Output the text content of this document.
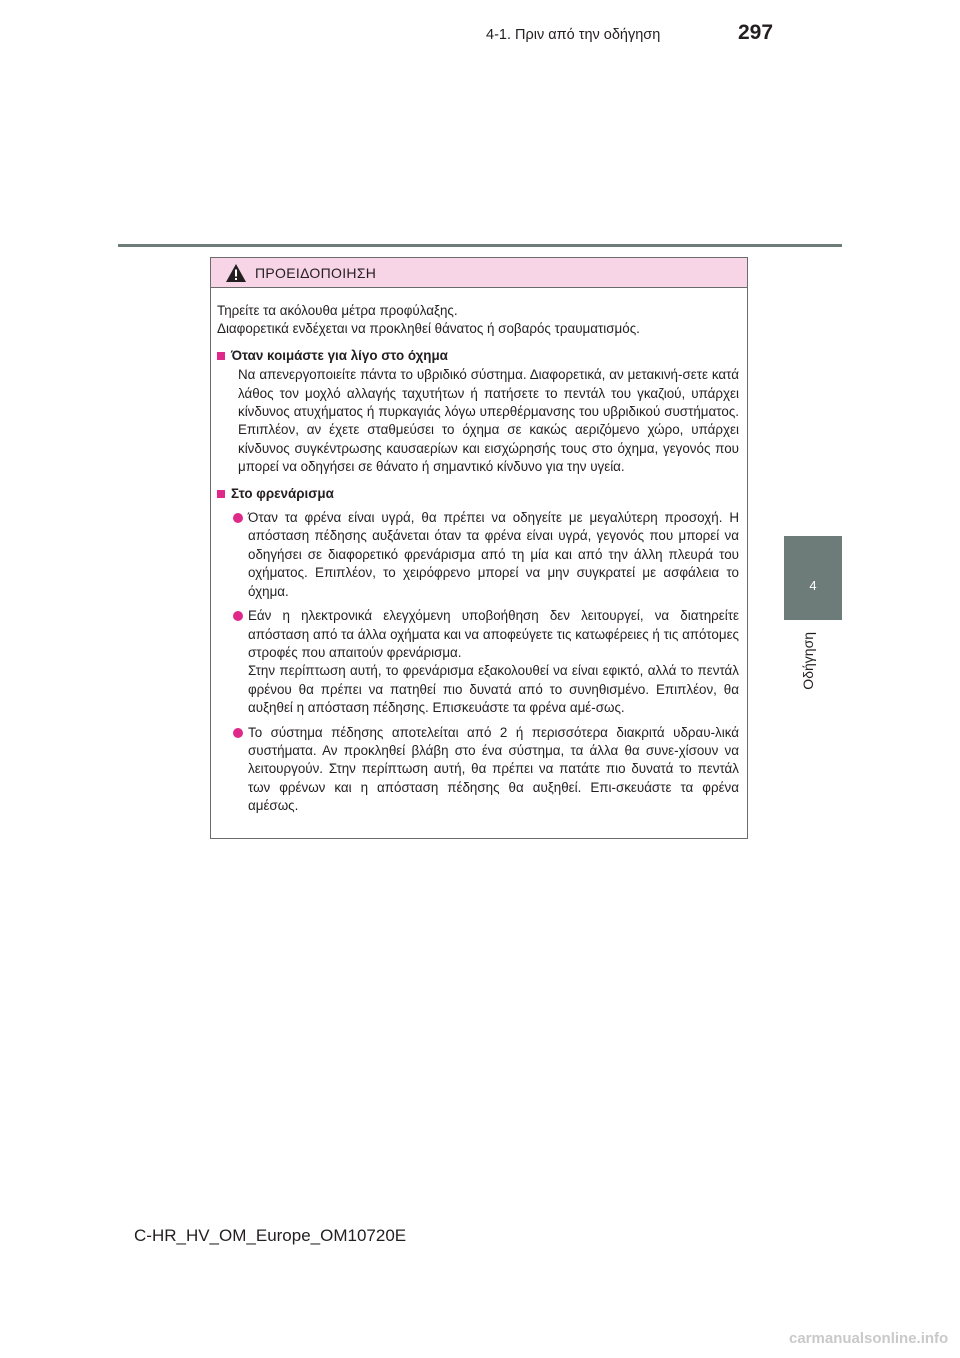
4-1. Πριν από την οδήγηση	297
4
Οδήγηση
ΠΡΟΕΙΔΟΠΟΙΗΣΗ

Τηρείτε τα ακόλουθα μέτρα προφύλαξης.

Διαφορετικά ενδέχεται να προκληθεί θάνατος ή σοβαρός τραυματισμός.

Όταν κοιμάστε για λίγο στο όχημα

Να απενεργοποιείτε πάντα το υβριδικό σύστημα. Διαφορετικά, αν μετακινή-σετε κατά λάθος τον μοχλό αλλαγής ταχυτήτων ή πατήσετε το πεντάλ του γκαζιού, υπάρχει κίνδυνος ατυχήματος ή πυρκαγιάς λόγω υπερθέρμανσης του υβριδικού συστήματος. Επιπλέον, αν έχετε σταθμεύσει το όχημα σε κακώς αεριζόμενο χώρο, υπάρχει κίνδυνος συγκέντρωσης καυσαερίων και εισχώρησής τους στο όχημα, γεγονός που μπορεί να οδηγήσει σε θάνατο ή σημαντικό κίνδυνο για την υγεία.

Στο φρενάρισμα
Όταν τα φρένα είναι υγρά, θα πρέπει να οδηγείτε με μεγαλύτερη προσοχή. Η απόσταση πέδησης αυξάνεται όταν τα φρένα είναι υγρά, γεγονός που μπορεί να οδηγήσει σε διαφορετικό φρενάρισμα από τη μία και από την άλλη πλευρά του οχήματος. Επιπλέον, το χειρόφρενο μπορεί να μην συγκρατεί με ασφάλεια το όχημα.
Εάν η ηλεκτρονικά ελεγχόμενη υποβοήθηση δεν λειτουργεί, να διατηρείτε απόσταση από τα άλλα οχήματα και να αποφεύγετε τις κατωφέρειες ή τις απότομες στροφές που απαιτούν φρενάρισμα.
Στην περίπτωση αυτή, το φρενάρισμα εξακολουθεί να είναι εφικτό, αλλά το πεντάλ φρένου θα πρέπει να πατηθεί πιο δυνατά από το συνηθισμένο. Επιπλέον, θα αυξηθεί η απόσταση πέδησης. Επισκευάστε τα φρένα αμέ-σως.
Το σύστημα πέδησης αποτελείται από 2 ή περισσότερα διακριτά υδραυ-λικά συστήματα. Αν προκληθεί βλάβη στο ένα σύστημα, τα άλλα θα συνε-χίσουν να λειτουργούν. Στην περίπτωση αυτή, θα πρέπει να πατάτε πιο δυνατά το πεντάλ των φρένων και η απόσταση πέδησης θα αυξηθεί. Επι-σκευάστε τα φρένα αμέσως.
C-HR_HV_OM_Europe_OM10720E
carmanualsonline.info
